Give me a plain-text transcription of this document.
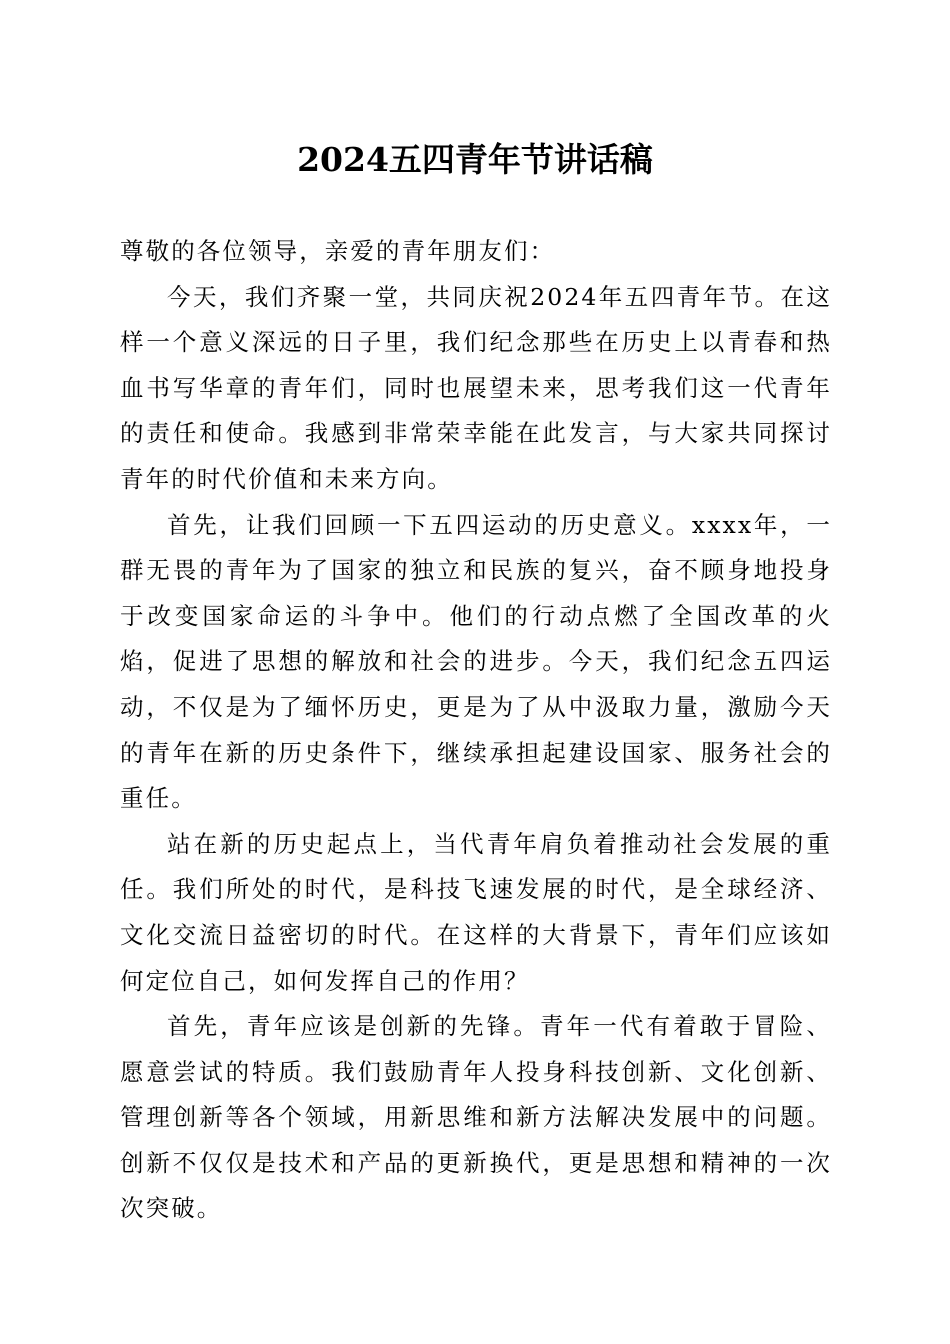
2024五四青年节讲话稿

尊敬的各位领导，亲爱的青年朋友们：

今天，我们齐聚一堂，共同庆祝2024年五四青年节。在这样一个意义深远的日子里，我们纪念那些在历史上以青春和热血书写华章的青年们，同时也展望未来，思考我们这一代青年的责任和使命。我感到非常荣幸能在此发言，与大家共同探讨青年的时代价值和未来方向。

首先，让我们回顾一下五四运动的历史意义。xxxx年，一群无畏的青年为了国家的独立和民族的复兴，奋不顾身地投身于改变国家命运的斗争中。他们的行动点燃了全国改革的火焰，促进了思想的解放和社会的进步。今天，我们纪念五四运动，不仅是为了缅怀历史，更是为了从中汲取力量，激励今天的青年在新的历史条件下，继续承担起建设国家、服务社会的重任。

站在新的历史起点上，当代青年肩负着推动社会发展的重任。我们所处的时代，是科技飞速发展的时代，是全球经济、文化交流日益密切的时代。在这样的大背景下，青年们应该如何定位自己，如何发挥自己的作用？

首先，青年应该是创新的先锋。青年一代有着敢于冒险、愿意尝试的特质。我们鼓励青年人投身科技创新、文化创新、管理创新等各个领域，用新思维和新方法解决发展中的问题。创新不仅仅是技术和产品的更新换代，更是思想和精神的一次次突破。
